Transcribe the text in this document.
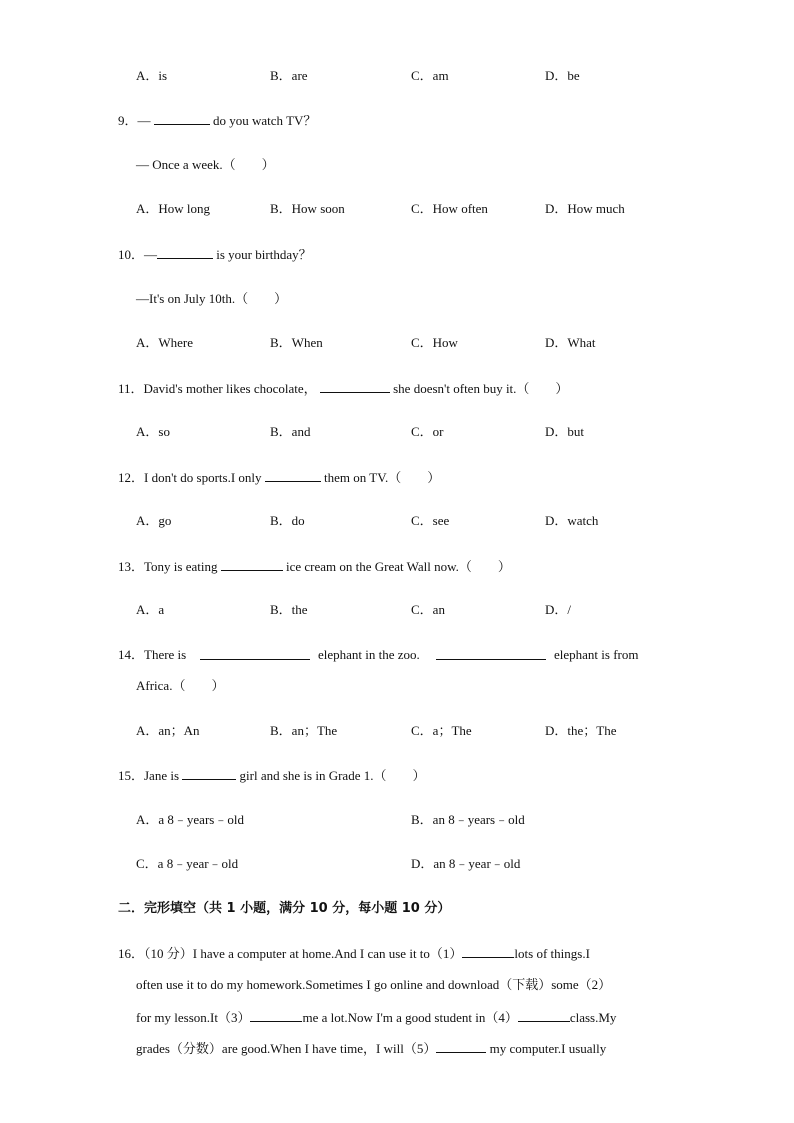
A．is	B．are	C．am	D．be
9．—	do you watch TV？
— Once a week.（　　）
A．How long	B．How soon	C．How often	D．How much
10．—	is your birthday？
—It's on July 10th.（　　）
A．Where	B．When	C．How	D．What
11．David's mother likes chocolate，	she doesn't often buy it.（　　）
A．so	B．and	C．or	D．but
12．I don't do sports.I only	them on TV.（　　）
A．go	B．do	C．see	D．watch
13．Tony is eating	ice cream on the Great Wall now.（　　）
A．a	B．the	C．an	D．/
14．There is	elephant in the zoo.	elephant is from
Africa.（　　）
A．an；An	B．an；The	C．a；The	D．the；The
15．Jane is	girl and she is in Grade 1.（　　）
A．a 8﹣years﹣old	B．an 8﹣years﹣old
C．a 8﹣year﹣old	D．an 8﹣year﹣old
二．完形填空（共 1 小题，满分 10 分，每小题 10 分）
16．（10 分）I have a computer at home.And I can use it to（1）	lots of things.I
often use it to do my homework.Sometimes I go online and download（下载）some（2）
for my lesson.It（3）	me a lot.Now I'm a good student in（4）	class.My
grades（分数）are good.When I have time，I will（5）	my computer.I usually
